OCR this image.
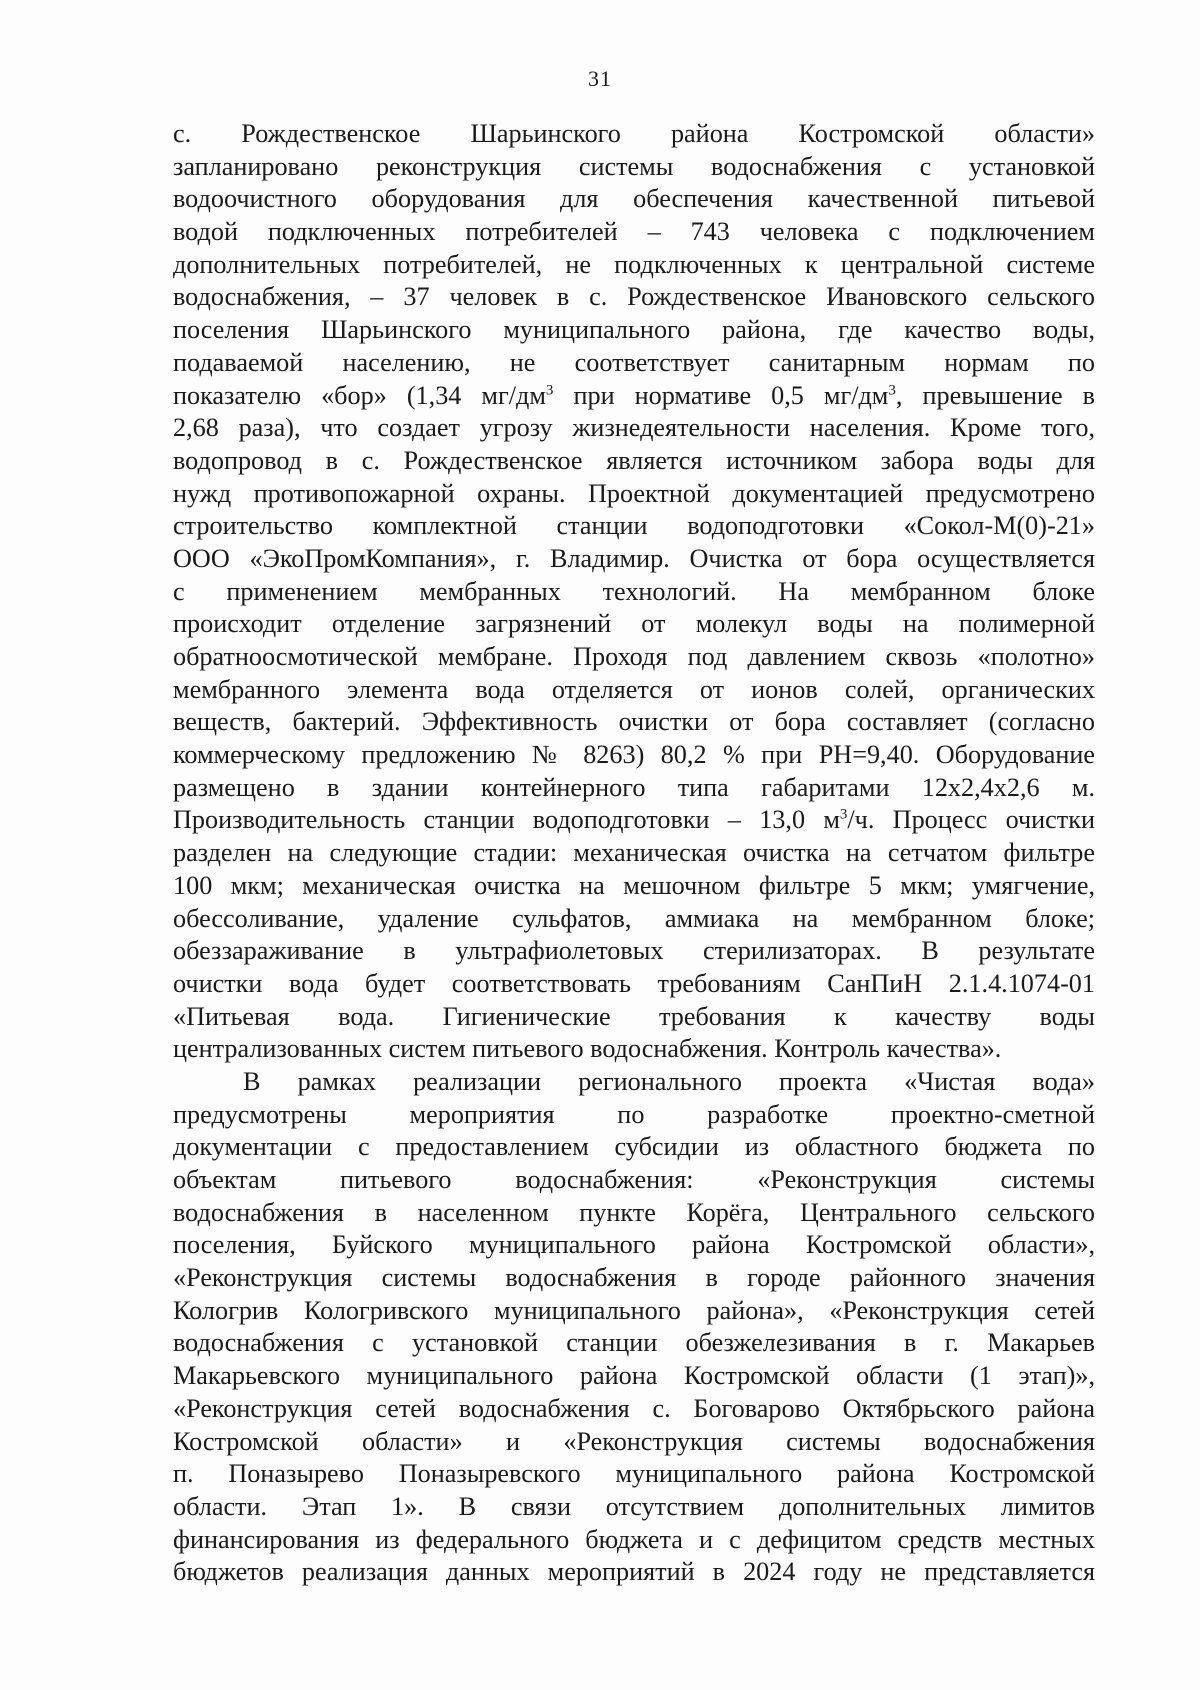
31
с. Рождественское Шарьинского района Костромской области»
запланировано реконструкция системы водоснабжения с установкой
водоочистного оборудования для обеспечения качественной питьевой
водой подключенных потребителей – 743 человека с подключением
дополнительных потребителей, не подключенных к центральной системе
водоснабжения, – 37 человек в с. Рождественское Ивановского сельского
поселения Шарьинского муниципального района, где качество воды,
подаваемой населению, не соответствует санитарным нормам по
показателю «бор» (1,34 $мг/дм^3$ при нормативе 0,5 $мг/дм^3$, превышение в
2,68 раза), что создает угрозу жизнедеятельности населения. Кроме того,
водопровод в с. Рождественское является источником забора воды для
нужд противопожарной охраны. Проектной документацией предусмотрено
строительство комплектной станции водоподготовки «Сокол-М(0)-21»
ООО «ЭкоПромКомпания», г. Владимир. Очистка от бора осуществляется
с применением мембранных технологий. На мембранном блоке
происходит отделение загрязнений от молекул воды на полимерной
обратноосмотической мембране. Проходя под давлением сквозь «полотно»
мембранного элемента вода отделяется от ионов солей, органических
веществ, бактерий. Эффективность очистки от бора составляет (согласно
коммерческому предложению № 8263) 80,2 % при РН=9,40. Оборудование
размещено в здании контейнерного типа габаритами 12х2,4х2,6 м.
Производительность станции водоподготовки – 13,0 $м^3/ч$. Процесс очистки
разделен на следующие стадии: механическая очистка на сетчатом фильтре
100 мкм; механическая очистка на мешочном фильтре 5 мкм; умягчение,
обессоливание, удаление сульфатов, аммиака на мембранном блоке;
обеззараживание в ультрафиолетовых стерилизаторах. В результате
очистки вода будет соответствовать требованиям СанПиН 2.1.4.1074-01
«Питьевая вода. Гигиенические требования к качеству воды
централизованных систем питьевого водоснабжения. Контроль качества».
В рамках реализации регионального проекта «Чистая вода»
предусмотрены мероприятия по разработке проектно-сметной
документации с предоставлением субсидии из областного бюджета по
объектам питьевого водоснабжения: «Реконструкция системы
водоснабжения в населенном пункте Корёга, Центрального сельского
поселения, Буйского муниципального района Костромской области»,
«Реконструкция системы водоснабжения в городе районного значения
Кологрив Кологривского муниципального района», «Реконструкция сетей
водоснабжения с установкой станции обезжелезивания в г. Макарьев
Макарьевского муниципального района Костромской области (1 этап)»,
«Реконструкция сетей водоснабжения с. Боговарово Октябрьского района
Костромской области» и «Реконструкция системы водоснабжения
п. Поназырево Поназыревского муниципального района Костромской
области. Этап 1». В связи отсутствием дополнительных лимитов
финансирования из федерального бюджета и с дефицитом средств местных
бюджетов реализация данных мероприятий в 2024 году не представляется
